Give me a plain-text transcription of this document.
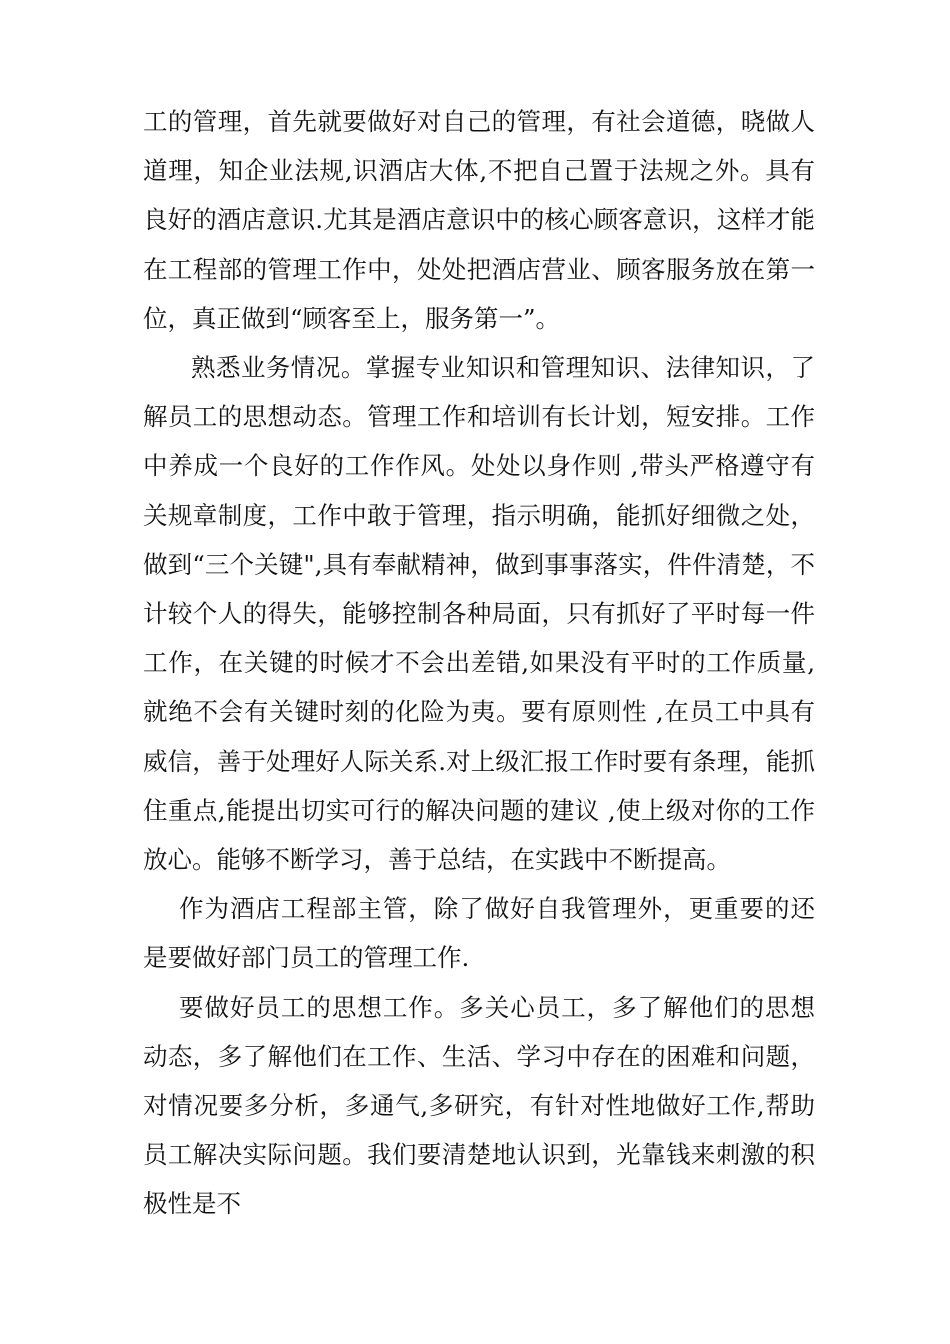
工的管理，首先就要做好对自己的管理，有社会道德，晓做人道理，知企业法规,识酒店大体,不把自己置于法规之外。具有良好的酒店意识.尤其是酒店意识中的核心顾客意识，这样才能在工程部的管理工作中，处处把酒店营业、顾客服务放在第一位，真正做到“顾客至上，服务第一”。

熟悉业务情况。掌握专业知识和管理知识、法律知识，了解员工的思想动态。管理工作和培训有长计划，短安排。工作中养成一个良好的工作作风。处处以身作则 ,带头严格遵守有关规章制度，工作中敢于管理，指示明确，能抓好细微之处，做到“三个关键",具有奉献精神，做到事事落实，件件清楚，不计较个人的得失，能够控制各种局面，只有抓好了平时每一件工作，在关键的时候才不会出差错,如果没有平时的工作质量,就绝不会有关键时刻的化险为夷。要有原则性 ,在员工中具有威信，善于处理好人际关系.对上级汇报工作时要有条理，能抓住重点,能提出切实可行的解决问题的建议 ,使上级对你的工作放心。能够不断学习，善于总结，在实践中不断提高。

作为酒店工程部主管，除了做好自我管理外，更重要的还是要做好部门员工的管理工作.

要做好员工的思想工作。多关心员工，多了解他们的思想动态，多了解他们在工作、生活、学习中存在的困难和问题，对情况要多分析，多通气,多研究，有针对性地做好工作,帮助员工解决实际问题。我们要清楚地认识到，光靠钱来刺激的积极性是不
